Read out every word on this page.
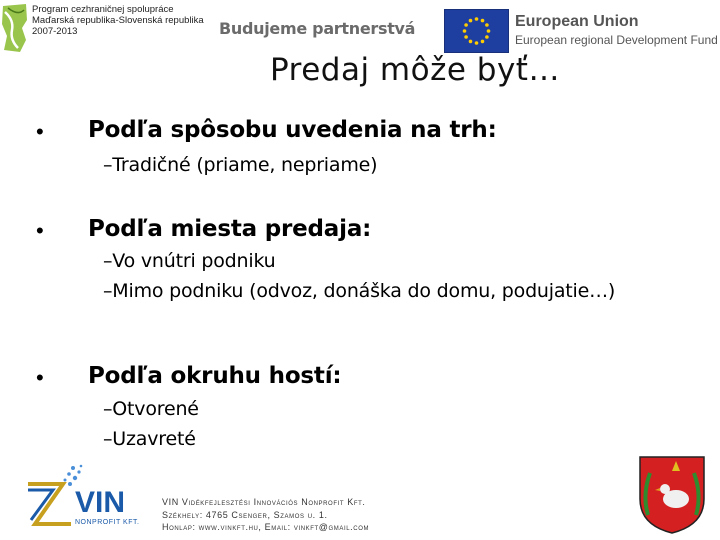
Program cezhraničnej spolupráce
Maďarská republika-Slovenská republika
2007-2013	Budujeme partnerstvá	European Union
European regional Development Fund
Predaj môže byť…
• Podľa spôsobu uvedenia na trh:
–Tradičné (priame, nepriame)
• Podľa miesta predaja:
–Vo vnútri podniku
–Mimo podniku (odvoz, donáška do domu, podujatie…)
• Podľa okruhu hostí:
–Otvorené
–Uzavreté
VIN
NONPROFIT KFT.
VIN Vidékfejlesztési Innovációs Nonprofit Kft.
Székhely: 4765 Csenger, Szamos u. 1.
Honlap: www.vinkft.hu, Email: vinkft@gmail.com
